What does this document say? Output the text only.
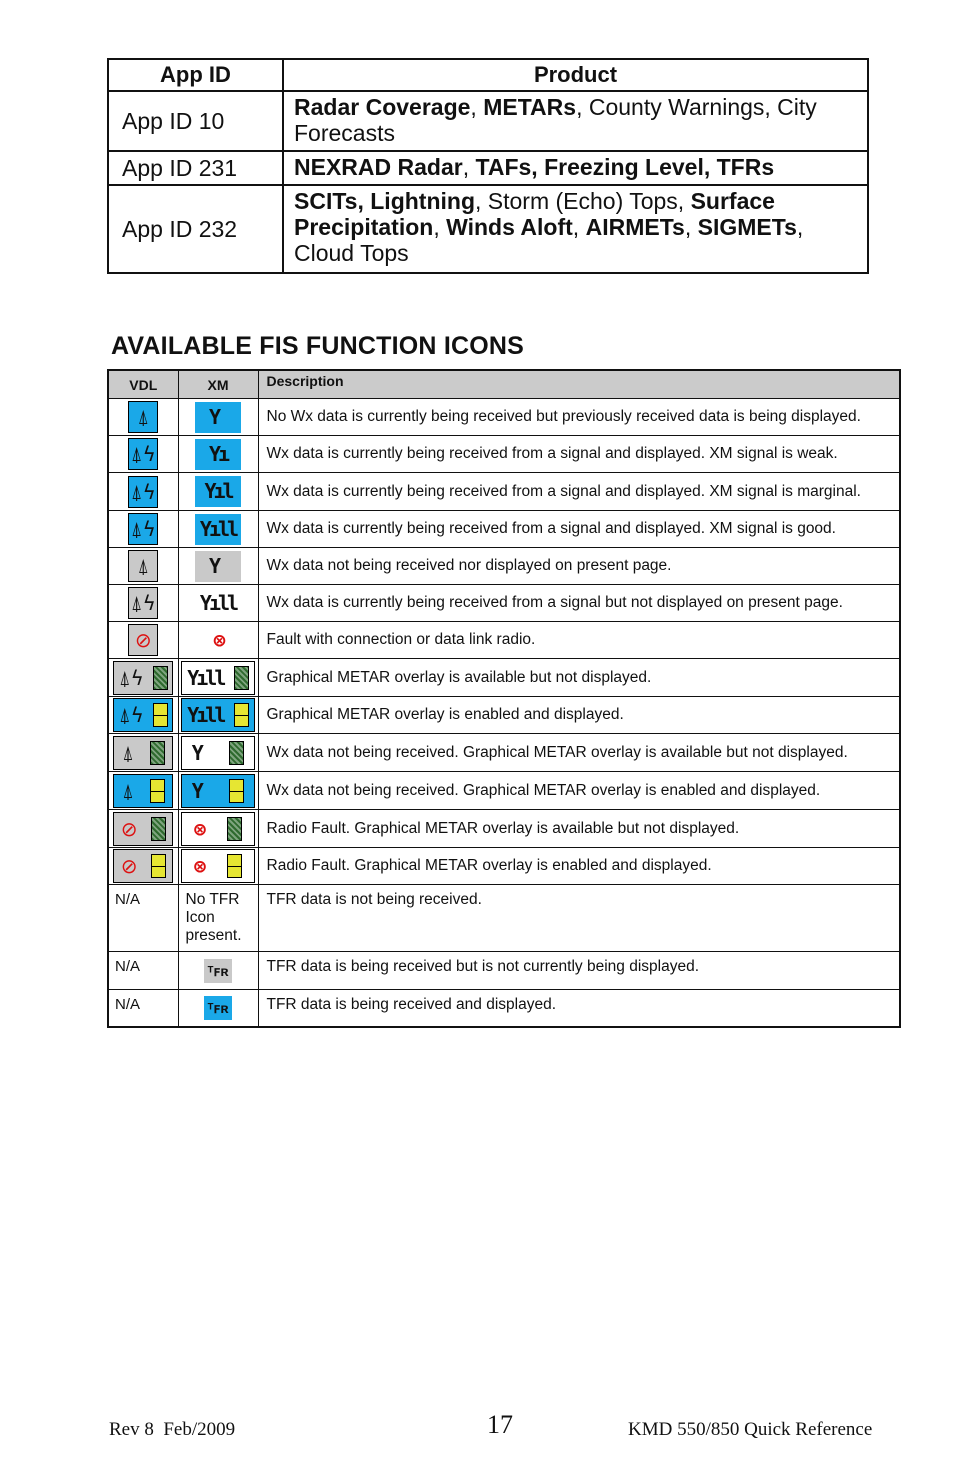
App ID	Product
App ID 10	Radar Coverage, METARs, County Warnings, City Forecasts
App ID 231	NEXRAD Radar, TAFs, Freezing Level, TFRs
App ID 232	SCITs, Lightning, Storm (Echo) Tops, Surface Precipitation, Winds Aloft, AIRMETs, SIGMETs, Cloud Tops
AVAILABLE FIS FUNCTION ICONS
VDL	XM	Description
⍋	Y	No Wx data is currently being received but previously received data is being displayed.
⍋ϟ	Yı	Wx data is currently being received from a signal and displayed. XM signal is weak.
⍋ϟ	Yıl	Wx data is currently being received from a signal and displayed. XM signal is marginal.
⍋ϟ	Yıll	Wx data is currently being received from a signal and displayed. XM signal is good.
⍋	Y	Wx data not being received nor displayed on present page.
⍋ϟ	Yıll	Wx data is currently being received from a signal but not displayed on present page.
⊘	⊗	Fault with connection or data link radio.

⍋ϟ	Yıll	Graphical METAR overlay is available but not displayed.

⍋ϟ	Yıll	Graphical METAR overlay is enabled and displayed.

⍋	Y	Wx data not being received. Graphical METAR overlay is available but not displayed.

⍋	Y	Wx data not being received. Graphical METAR overlay is enabled and displayed.

⊘	⊗	Radio Fault. Graphical METAR overlay is available but not displayed.

⊘	⊗	Radio Fault. Graphical METAR overlay is enabled and displayed.
N/A	No TFR Icon present.	TFR data is not being received.
N/A	ᵀꜰʀ	TFR data is being received but is not currently being displayed.
N/A	ᵀꜰʀ	TFR data is being received and displayed.
Rev 8  Feb/2009	17	KMD 550/850 Quick Reference
